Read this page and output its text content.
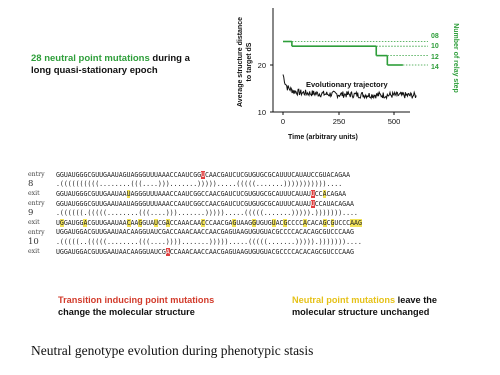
28 neutral point mutations during a long quasi-stationary epoch	20
10
0	250	500
Time (arbitrary units)
Average structure distance to target dS
Evolutionary trajectory
08
10
12
14 Number of relay step
entry	GGUAUGGGCGUUGAAUAGUAGGGUUUAAACCAAUCGGUCAACGAUCUCGUGUGCGCAUUUCAUAUCCGUACAGAA
8	.((((((((((........(((....))).......))))).....(((((.......)))))))))))....
exit	GGUAUGGGCGUUGAAUAAUAGGGUUUAAACCAAUCGGCCAACGAUCUCGUGUGCGCAUUUCAUAUUCCACAGAA
entry	GGUAUGGGCGUUGAAUAAUAGGGUUUAAACCAAUCGGCCAACGAUCUCGUGUGCGCAUUUCAUAUUCCAUACAGAA
9	.((((((.(((((........(((....))).......))))).....(((((.......))))).)))))))....
exit	UGGAUGGACGUUGAAUAACAAGGUAUCGACCAAACAACCCAACGAGUAAGGUGUGUACGCCCCACACAGCGUCCCAAG
entry	UGGAUGGACGUUGAAUAACAAGGUAUCGACCAAACAACCAACGAGUAAGUGUGUACGCCCCACACAGCGUCCCAAG
10	.(((((..(((((........(((....)))).......))))).....(((((.......))))).)))))))....
exit	UGGAUGGACGUUGAAUAACAAGGUAUCGACCAAACAACCAACGAGUAAGUGUGUACGCCCCACACAGCGUCCCAAG
Transition inducing point mutations
change the molecular structure
Neutral point mutations leave the
molecular structure unchanged
Neutral genotype evolution during phenotypic stasis
